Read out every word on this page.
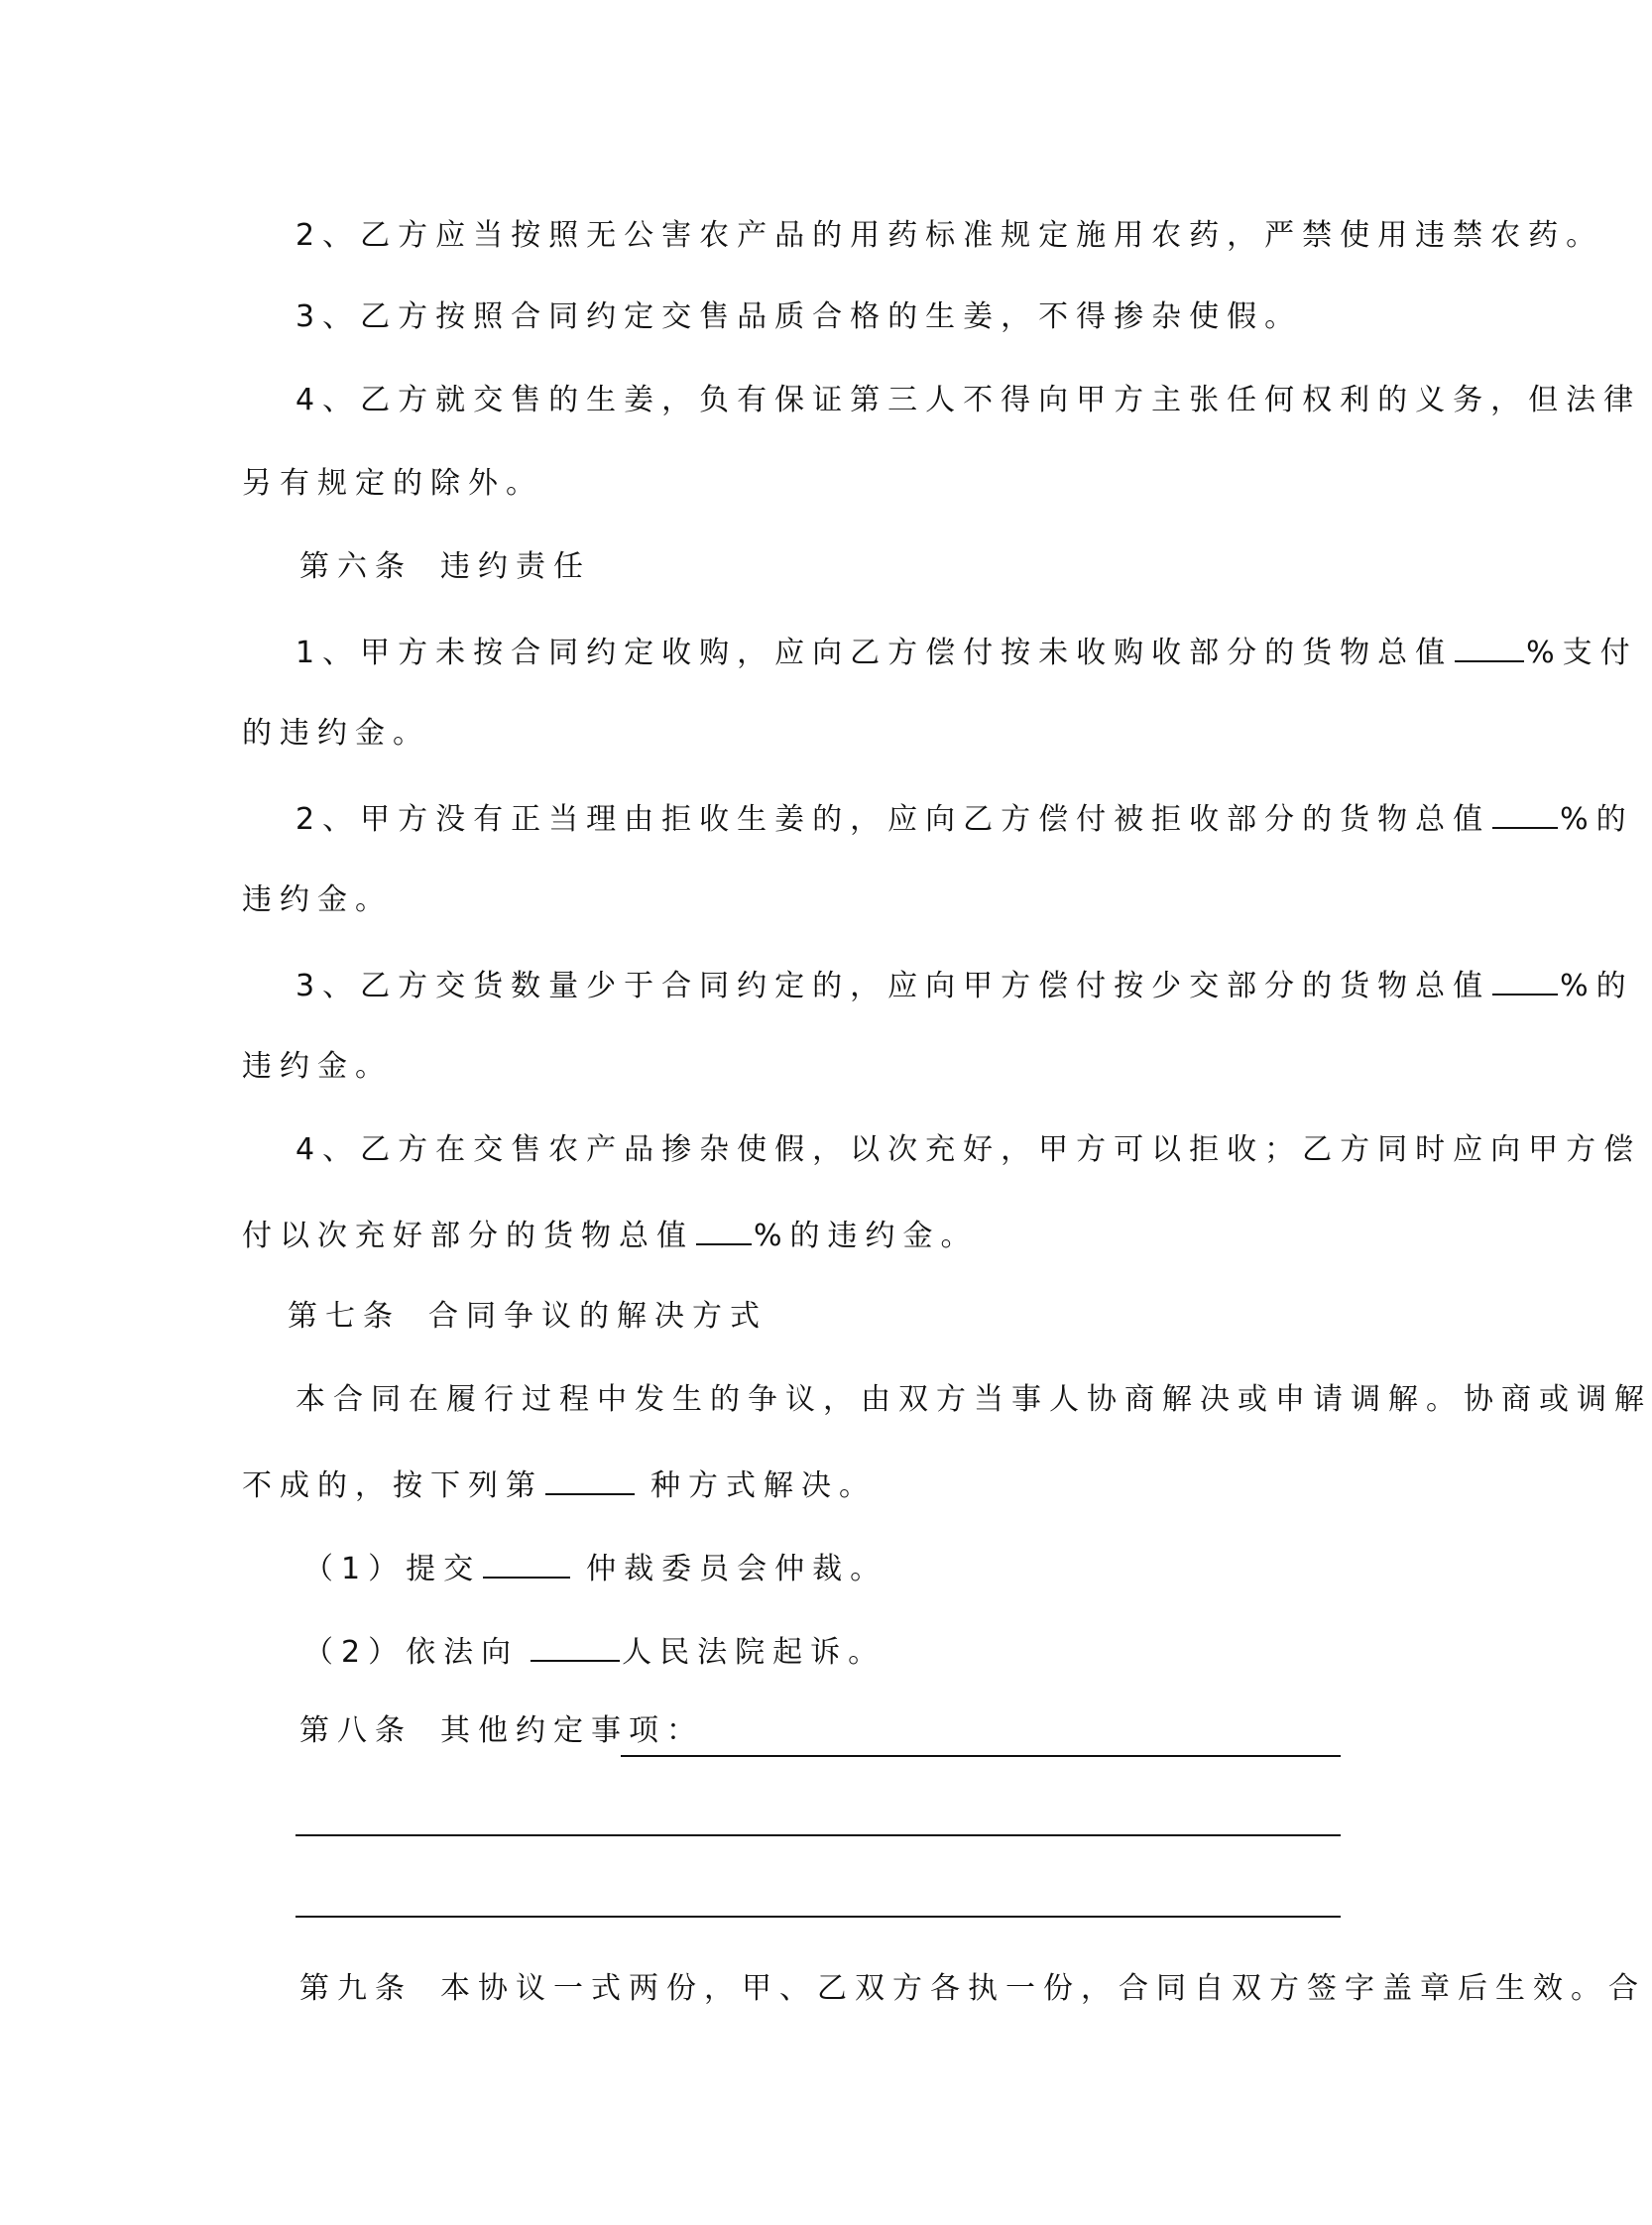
2、乙方应当按照无公害农产品的用药标准规定施用农药，严禁使用违禁农药。
3、乙方按照合同约定交售品质合格的生姜，不得掺杂使假。
4、乙方就交售的生姜，负有保证第三人不得向甲方主张任何权利的义务，但法律
另有规定的除外。
第六条 违约责任
1、甲方未按合同约定收购，应向乙方偿付按未收购收部分的货物总值 %支付
的违约金。
2、甲方没有正当理由拒收生姜的，应向乙方偿付被拒收部分的货物总值 %的
违约金。
3、乙方交货数量少于合同约定的，应向甲方偿付按少交部分的货物总值 %的
违约金。
4、乙方在交售农产品掺杂使假，以次充好，甲方可以拒收；乙方同时应向甲方偿
付以次充好部分的货物总值 %的违约金。
第七条 合同争议的解决方式
本合同在履行过程中发生的争议，由双方当事人协商解决或申请调解。协商或调解
不成的，按下列第	种方式解决。
（1）提交	仲裁委员会仲裁。
（2）依法向	人民法院起诉。
第八条 其他约定事项：
第九条 本协议一式两份，甲、乙双方各执一份，合同自双方签字盖章后生效。合
